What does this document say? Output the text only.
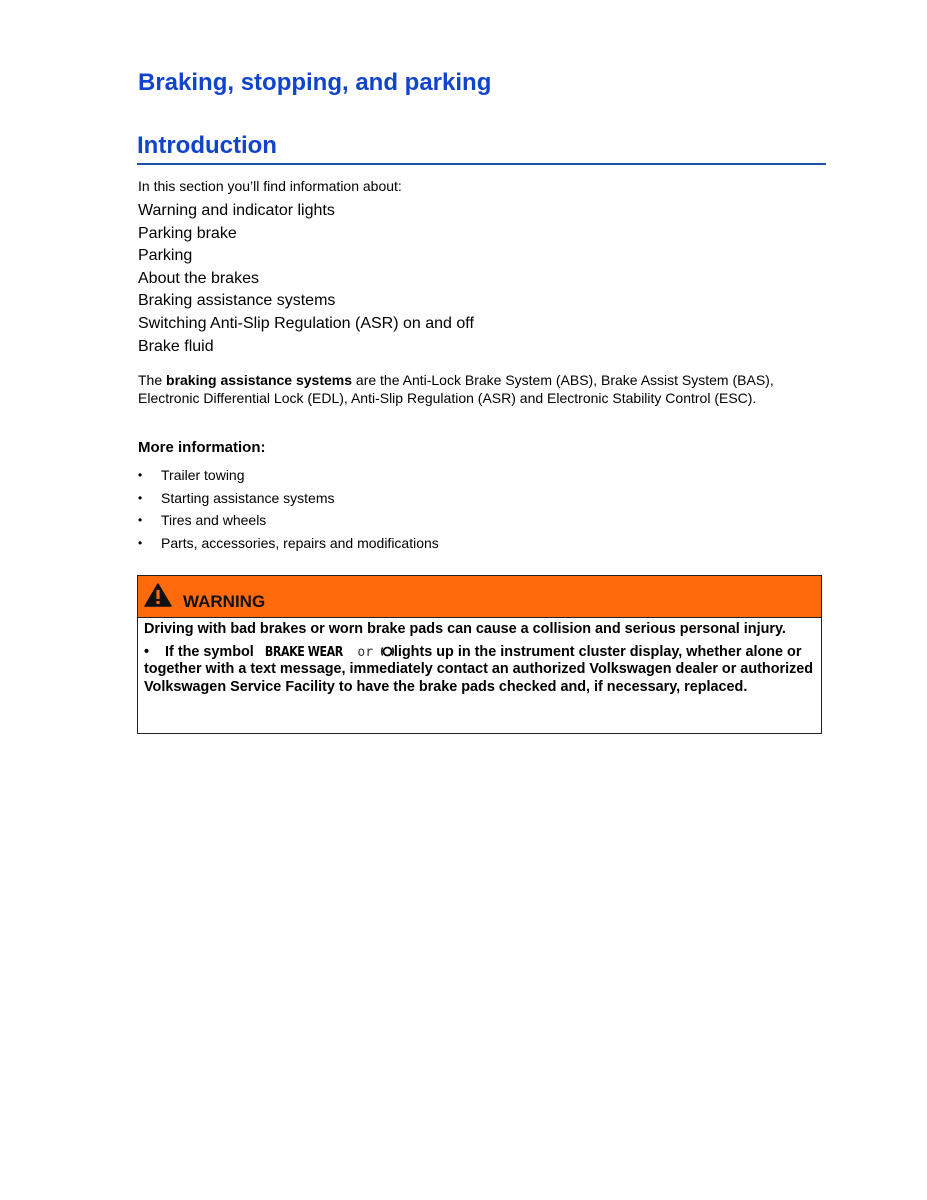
Braking, stopping, and parking
Introduction

In this section you’ll find information about:

Warning and indicator lights
Parking brake
Parking
About the brakes
Braking assistance systems
Switching Anti-Slip Regulation (ASR) on and off
Brake fluid

The braking assistance systems are the Anti-Lock Brake System (ABS), Brake Assist System (BAS), Electronic Differential Lock (EDL), Anti-Slip Regulation (ASR) and Electronic Stability Control (ESC).

More information:
• Trailer towing
• Starting assistance systems
• Tires and wheels
• Parts, accessories, repairs and modifications
WARNING

Driving with bad brakes or worn brake pads can cause a collision and serious personal injury.

• If the symbol BRAKE WEAR or lights up in the instrument cluster display, whether alone or together with a text message, immediately contact an authorized Volkswagen dealer or authorized Volkswagen Service Facility to have the brake pads checked and, if necessary, replaced.
